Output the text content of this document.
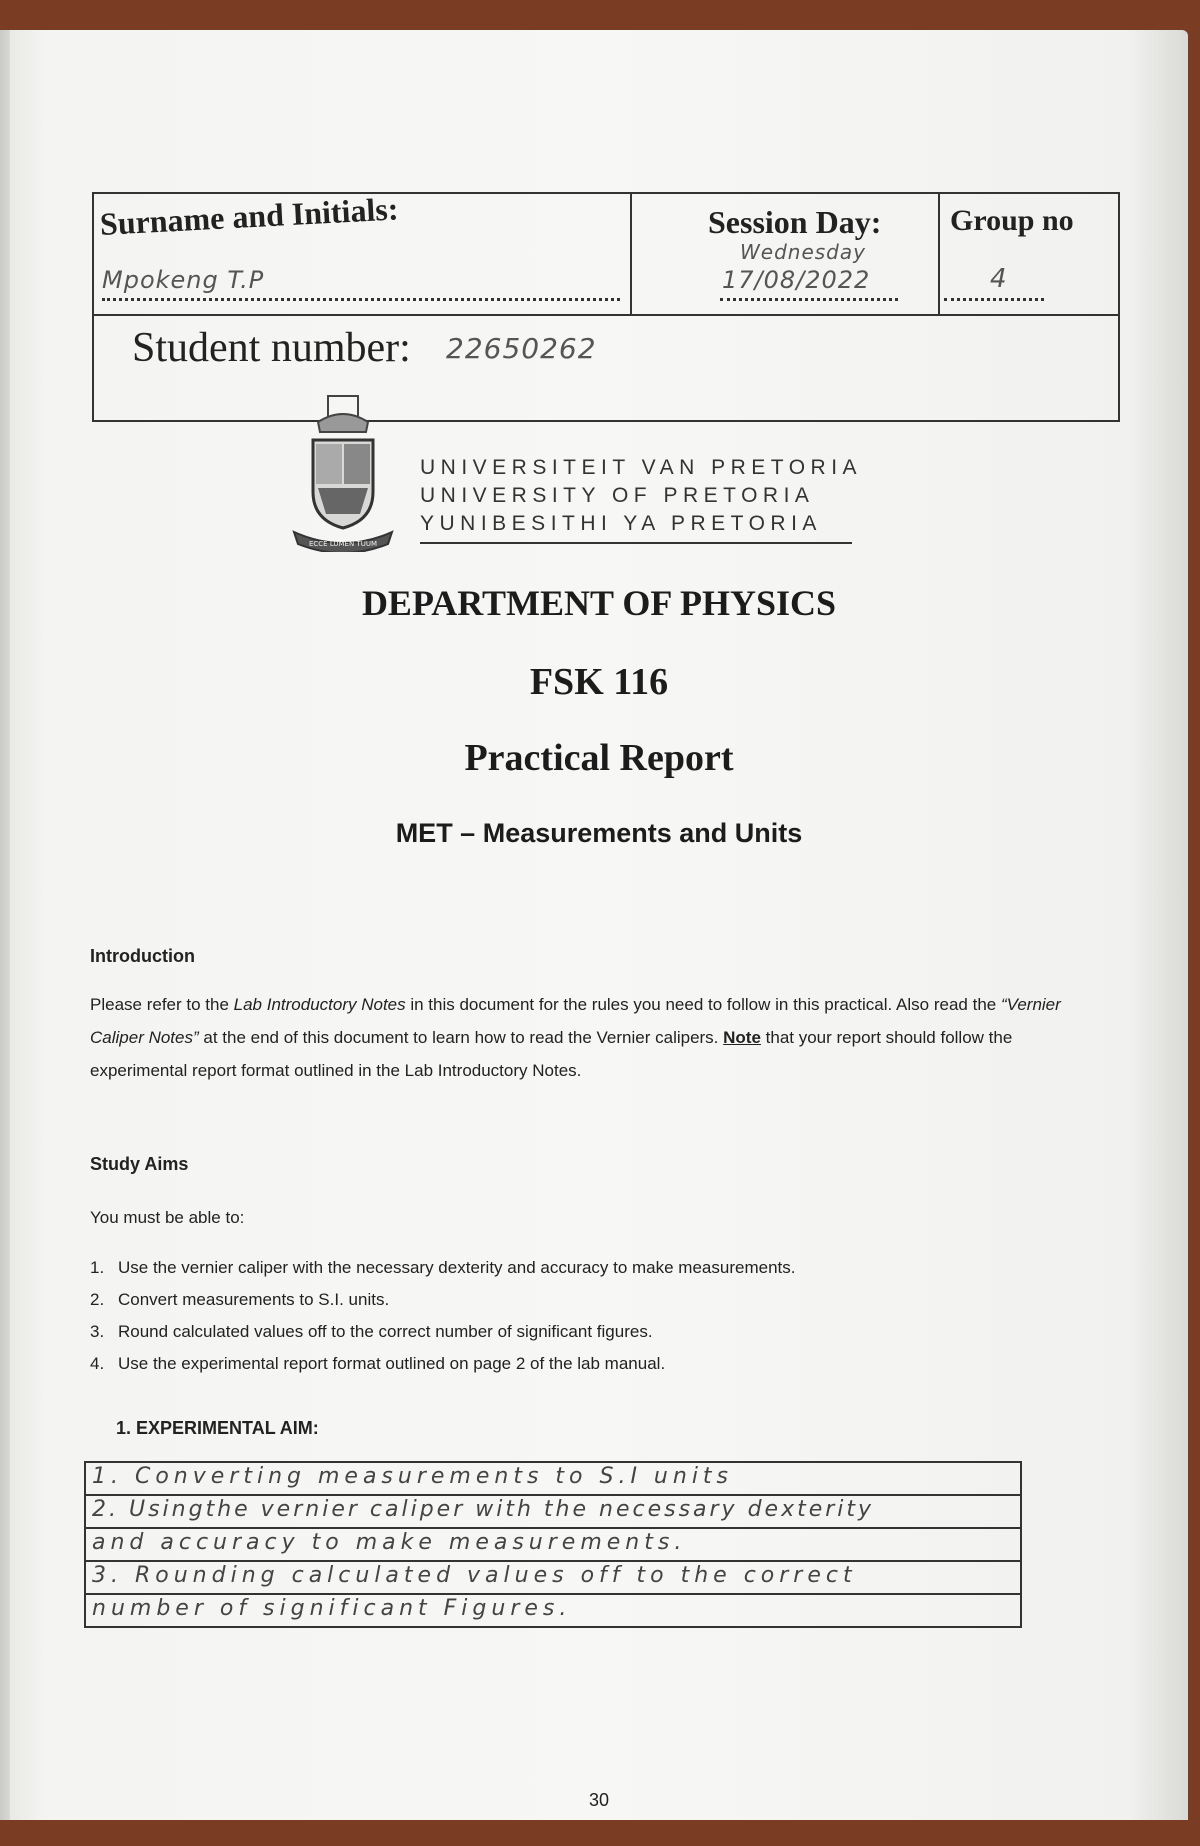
Surname and Initials:
Mpokeng T.P
Session Day:
Wednesday
17/08/2022
Group no
4
Student number: 22650262
ECCE LUMEN TUUM
UNIVERSITEIT VAN PRETORIA
UNIVERSITY OF PRETORIA
YUNIBESITHI YA PRETORIA
DEPARTMENT OF PHYSICS
FSK 116
Practical Report
MET – Measurements and Units
Introduction
Please refer to the Lab Introductory Notes in this document for the rules you need to follow in this practical. Also read the “Vernier Caliper Notes” at the end of this document to learn how to read the Vernier calipers. Note that your report should follow the experimental report format outlined in the Lab Introductory Notes.
Study Aims
You must be able to:
1. Use the vernier caliper with the necessary dexterity and accuracy to make measurements.
2. Convert measurements to S.I. units.
3. Round calculated values off to the correct number of significant figures.
4. Use the experimental report format outlined on page 2 of the lab manual.
1. EXPERIMENTAL AIM:
1. Converting measurements to S.I units
2. Usingthe vernier caliper with the necessary dexterity
and accuracy to make measurements.
3. Rounding calculated values off to the correct
number of significant Figures.
30
